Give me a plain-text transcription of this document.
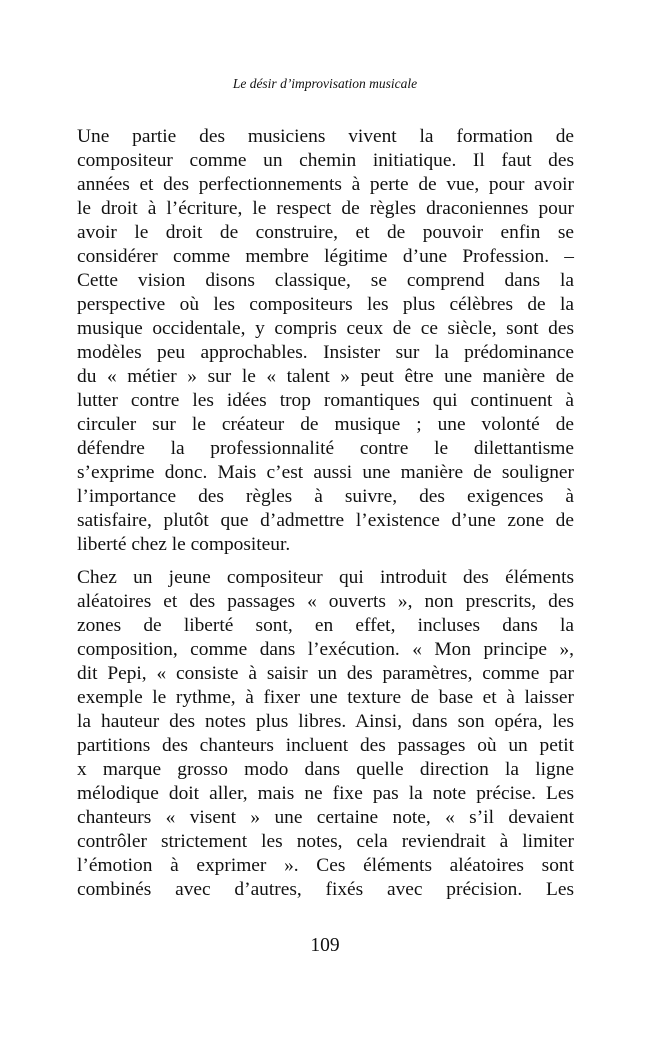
Le désir d’improvisation musicale
Une partie des musiciens vivent la formation de
compositeur comme un chemin initiatique. Il faut des
années et des perfectionnements à perte de vue, pour avoir
le droit à l’écriture, le respect de règles draconiennes pour
avoir le droit de construire, et de pouvoir enfin se
considérer comme membre légitime d’une Profession. –
Cette vision disons classique, se comprend dans la
perspective où les compositeurs les plus célèbres de la
musique occidentale, y compris ceux de ce siècle, sont des
modèles peu approchables. Insister sur la prédominance
du « métier » sur le « talent » peut être une manière de
lutter contre les idées trop romantiques qui continuent à
circuler sur le créateur de musique ; une volonté de
défendre la professionnalité contre le dilettantisme
s’exprime donc. Mais c’est aussi une manière de souligner
l’importance des règles à suivre, des exigences à
satisfaire, plutôt que d’admettre l’existence d’une zone de
liberté chez le compositeur.
Chez un jeune compositeur qui introduit des éléments
aléatoires et des passages « ouverts », non prescrits, des
zones de liberté sont, en effet, incluses dans la
composition, comme dans l’exécution. « Mon principe »,
dit Pepi, « consiste à saisir un des paramètres, comme par
exemple le rythme, à fixer une texture de base et à laisser
la hauteur des notes plus libres. Ainsi, dans son opéra, les
partitions des chanteurs incluent des passages où un petit
x marque grosso modo dans quelle direction la ligne
mélodique doit aller, mais ne fixe pas la note précise. Les
chanteurs « visent » une certaine note, « s’il devaient
contrôler strictement les notes, cela reviendrait à limiter
l’émotion à exprimer ». Ces éléments aléatoires sont
combinés avec d’autres, fixés avec précision. Les
109
